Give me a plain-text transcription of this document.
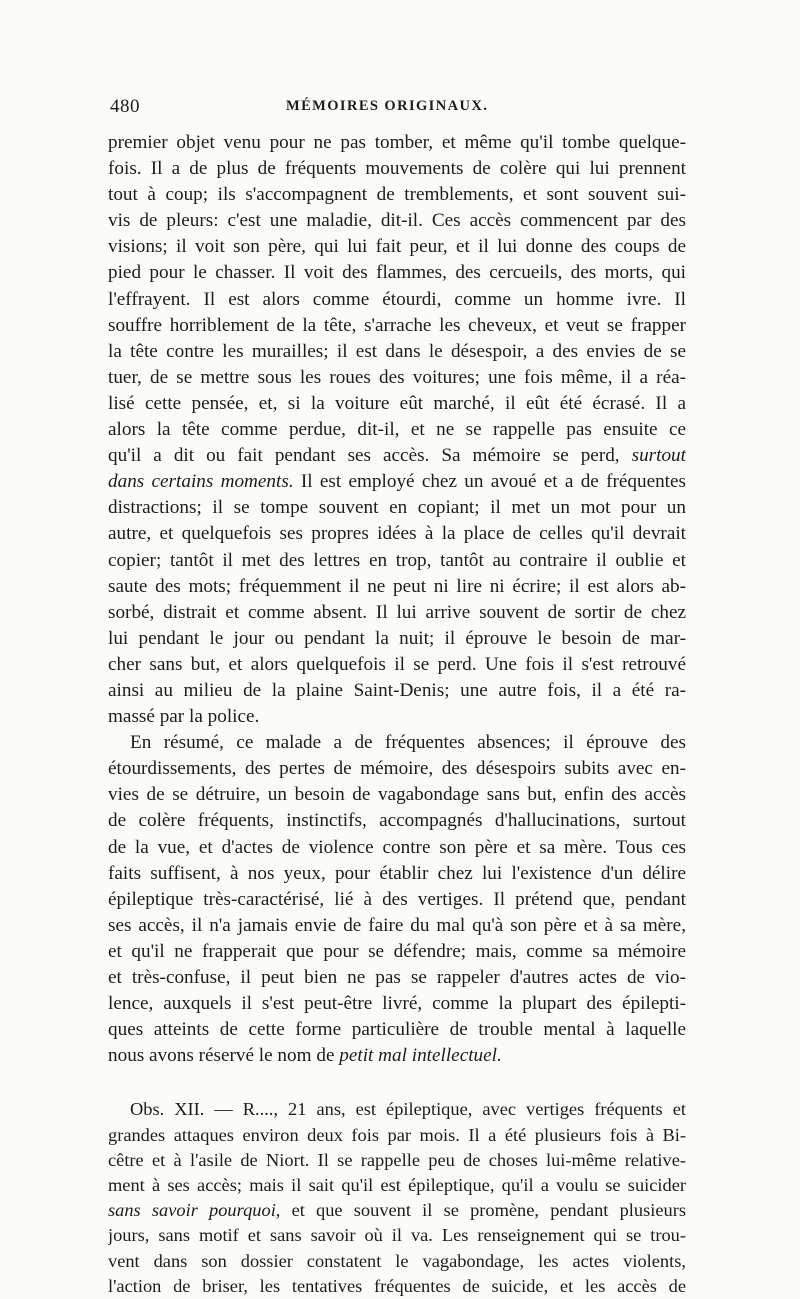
480	MÉMOIRES ORIGINAUX.
premier objet venu pour ne pas tomber, et même qu'il tombe quelque-
fois. Il a de plus de fréquents mouvements de colère qui lui prennent
tout à coup; ils s'accompagnent de tremblements, et sont souvent sui-
vis de pleurs: c'est une maladie, dit-il. Ces accès commencent par des
visions; il voit son père, qui lui fait peur, et il lui donne des coups de
pied pour le chasser. Il voit des flammes, des cercueils, des morts, qui
l'effrayent. Il est alors comme étourdi, comme un homme ivre. Il
souffre horriblement de la tête, s'arrache les cheveux, et veut se frapper
la tête contre les murailles; il est dans le désespoir, a des envies de se
tuer, de se mettre sous les roues des voitures; une fois même, il a réa-
lisé cette pensée, et, si la voiture eût marché, il eût été écrasé. Il a
alors la tête comme perdue, dit-il, et ne se rappelle pas ensuite ce
qu'il a dit ou fait pendant ses accès. Sa mémoire se perd, surtout
dans certains moments. Il est employé chez un avoué et a de fréquentes
distractions; il se tompe souvent en copiant; il met un mot pour un
autre, et quelquefois ses propres idées à la place de celles qu'il devrait
copier; tantôt il met des lettres en trop, tantôt au contraire il oublie et
saute des mots; fréquemment il ne peut ni lire ni écrire; il est alors ab-
sorbé, distrait et comme absent. Il lui arrive souvent de sortir de chez
lui pendant le jour ou pendant la nuit; il éprouve le besoin de mar-
cher sans but, et alors quelquefois il se perd. Une fois il s'est retrouvé
ainsi au milieu de la plaine Saint-Denis; une autre fois, il a été ra-
massé par la police.
En résumé, ce malade a de fréquentes absences; il éprouve des
étourdissements, des pertes de mémoire, des désespoirs subits avec en-
vies de se détruire, un besoin de vagabondage sans but, enfin des accès
de colère fréquents, instinctifs, accompagnés d'hallucinations, surtout
de la vue, et d'actes de violence contre son père et sa mère. Tous ces
faits suffisent, à nos yeux, pour établir chez lui l'existence d'un délire
épileptique très-caractérisé, lié à des vertiges. Il prétend que, pendant
ses accès, il n'a jamais envie de faire du mal qu'à son père et à sa mère,
et qu'il ne frapperait que pour se défendre; mais, comme sa mémoire
et très-confuse, il peut bien ne pas se rappeler d'autres actes de vio-
lence, auxquels il s'est peut-être livré, comme la plupart des épilepti-
ques atteints de cette forme particulière de trouble mental à laquelle
nous avons réservé le nom de petit mal intellectuel.
Obs. XII. — R...., 21 ans, est épileptique, avec vertiges fréquents et
grandes attaques environ deux fois par mois. Il a été plusieurs fois à Bi-
cêtre et à l'asile de Niort. Il se rappelle peu de choses lui-même relative-
ment à ses accès; mais il sait qu'il est épileptique, qu'il a voulu se suicider
sans savoir pourquoi, et que souvent il se promène, pendant plusieurs
jours, sans motif et sans savoir où il va. Les renseignement qui se trou-
vent dans son dossier constatent le vagabondage, les actes violents,
l'action de briser, les tentatives fréquentes de suicide, et les accès de
